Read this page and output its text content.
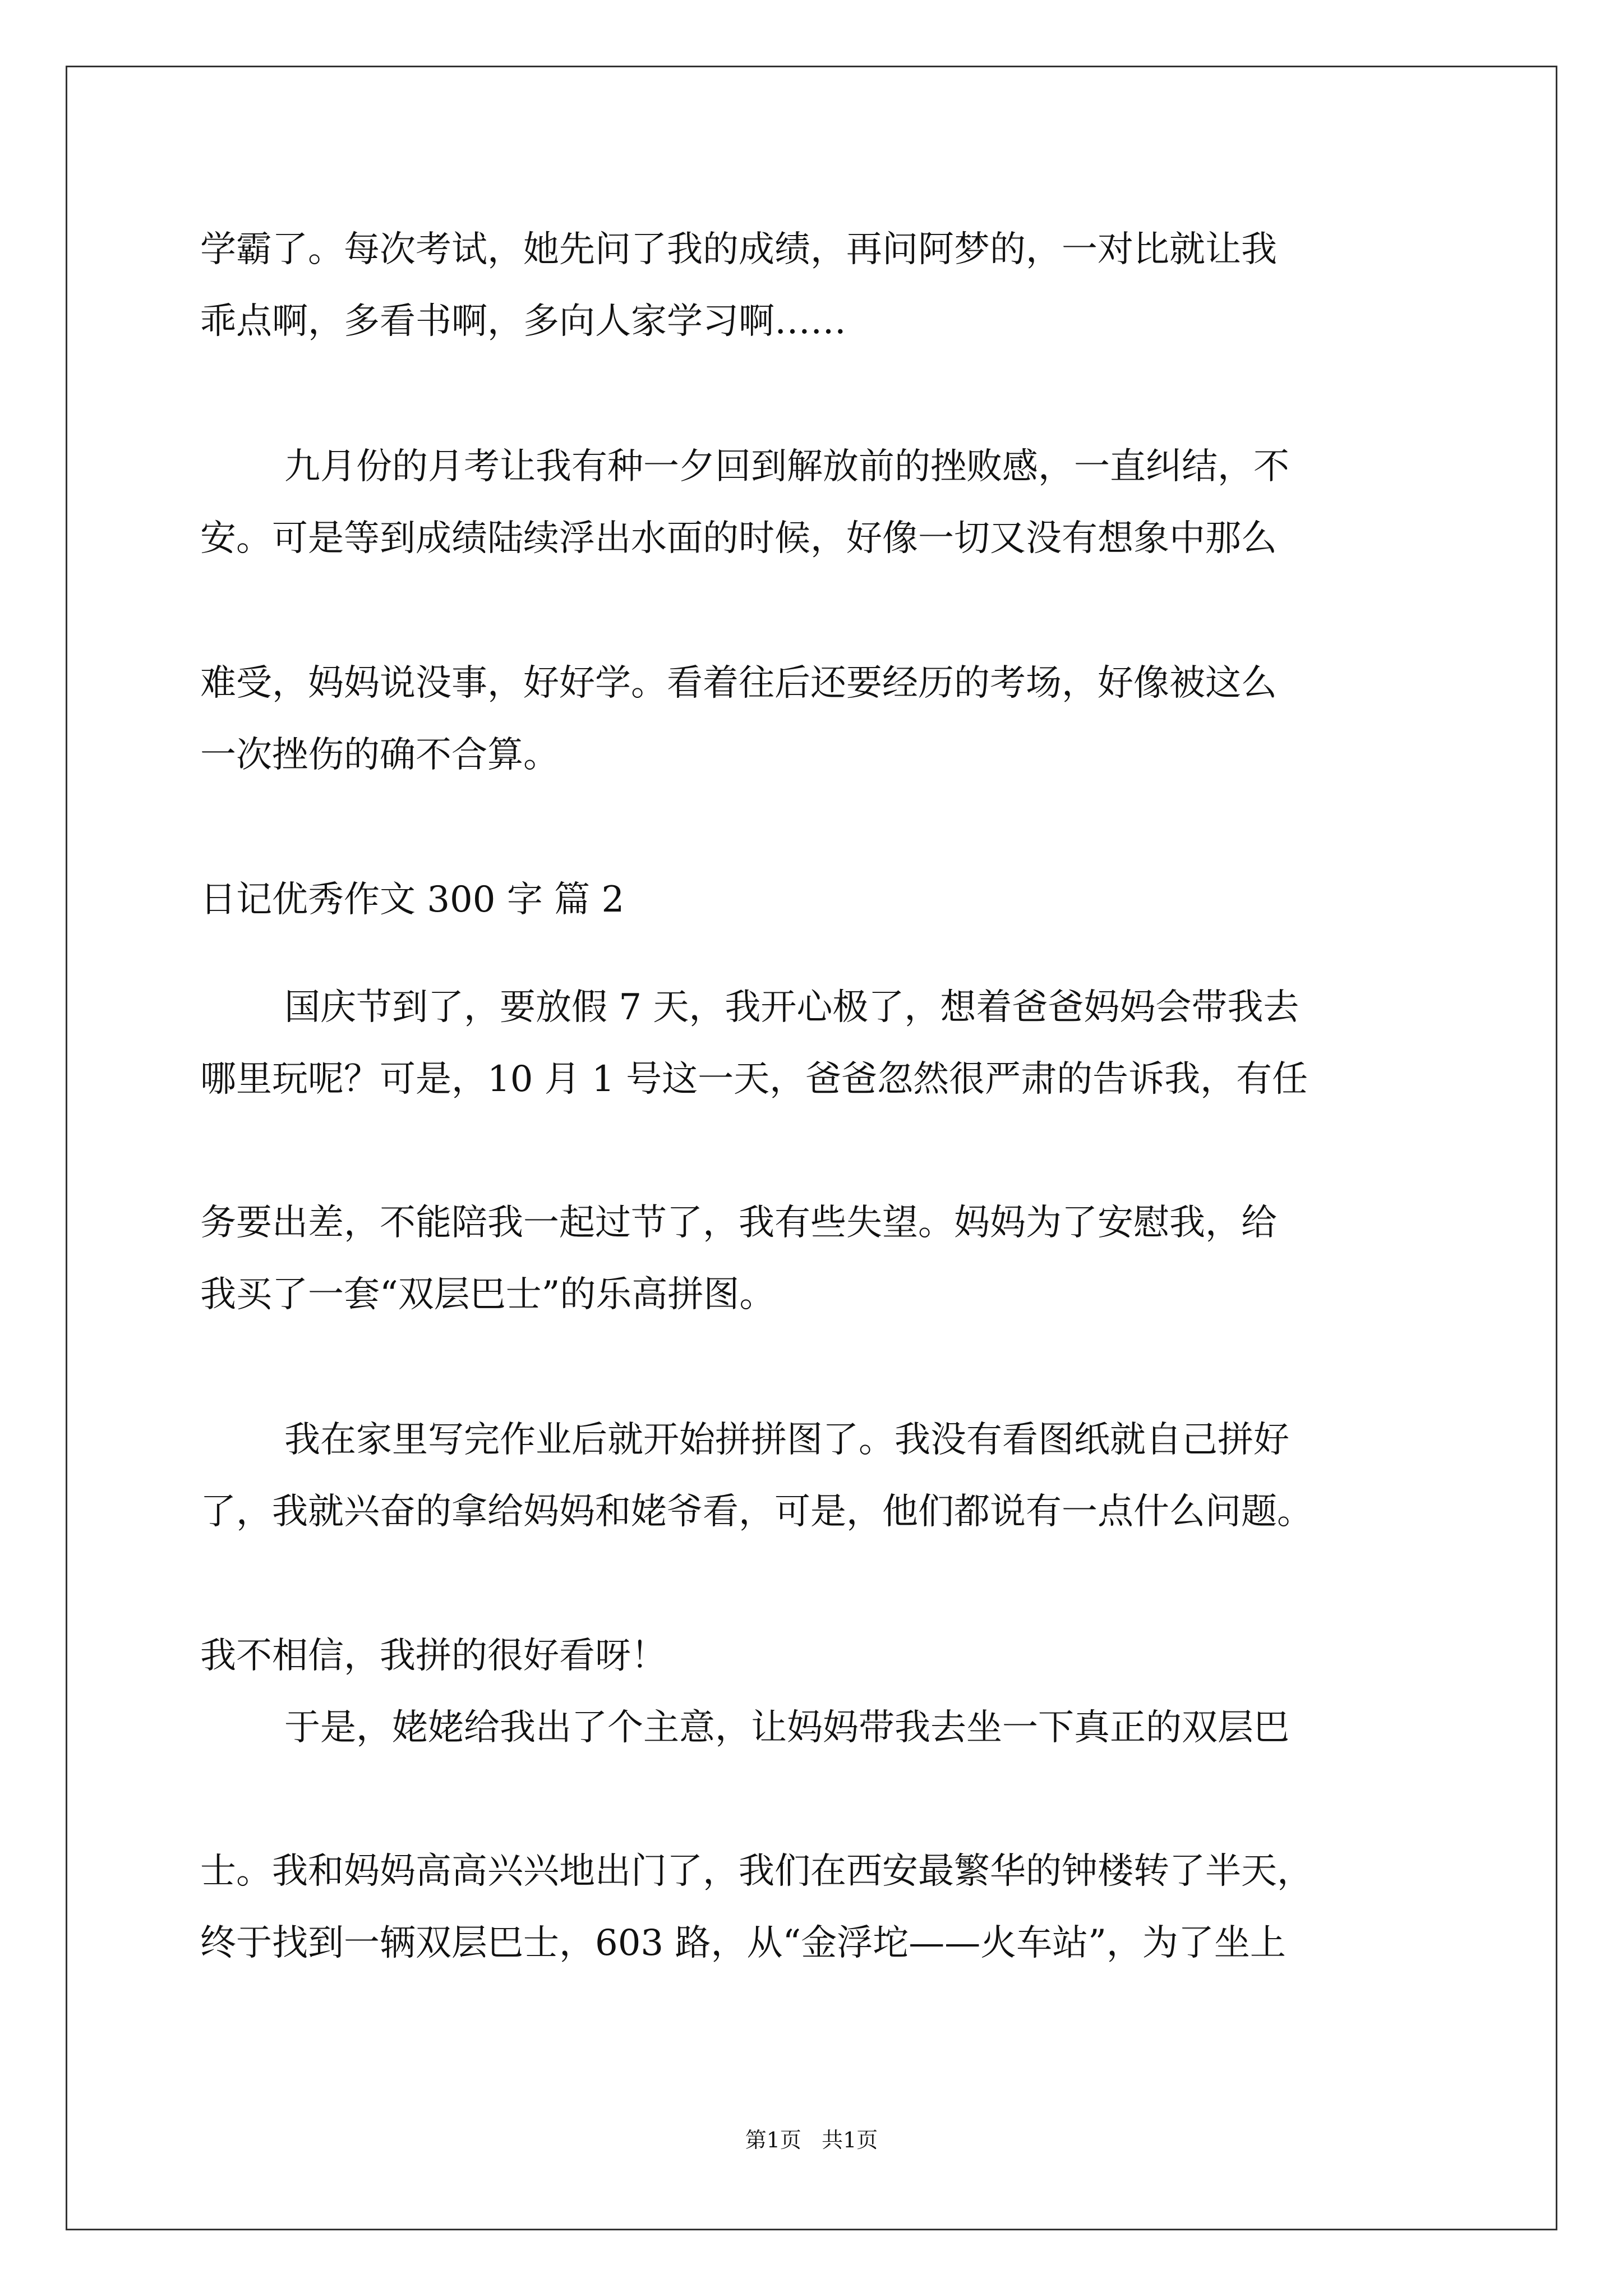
学霸了。每次考试，她先问了我的成绩，再问阿梦的，一对比就让我
乖点啊，多看书啊，多向人家学习啊……
九月份的月考让我有种一夕回到解放前的挫败感，一直纠结，不
安。可是等到成绩陆续浮出水面的时候，好像一切又没有想象中那么
难受，妈妈说没事，好好学。看着往后还要经历的考场，好像被这么
一次挫伤的确不合算。
日记优秀作文 300 字 篇 2
国庆节到了，要放假 7 天，我开心极了，想着爸爸妈妈会带我去
哪里玩呢？可是，10 月 1 号这一天，爸爸忽然很严肃的告诉我，有任
务要出差，不能陪我一起过节了，我有些失望。妈妈为了安慰我，给
我买了一套“双层巴士”的乐高拼图。
我在家里写完作业后就开始拼拼图了。我没有看图纸就自己拼好
了，我就兴奋的拿给妈妈和姥爷看，可是，他们都说有一点什么问题。
我不相信，我拼的很好看呀！
于是，姥姥给我出了个主意，让妈妈带我去坐一下真正的双层巴
士。我和妈妈高高兴兴地出门了，我们在西安最繁华的钟楼转了半天，
终于找到一辆双层巴士，603 路，从“金浮坨——火车站”，为了坐上
第1页   共1页
